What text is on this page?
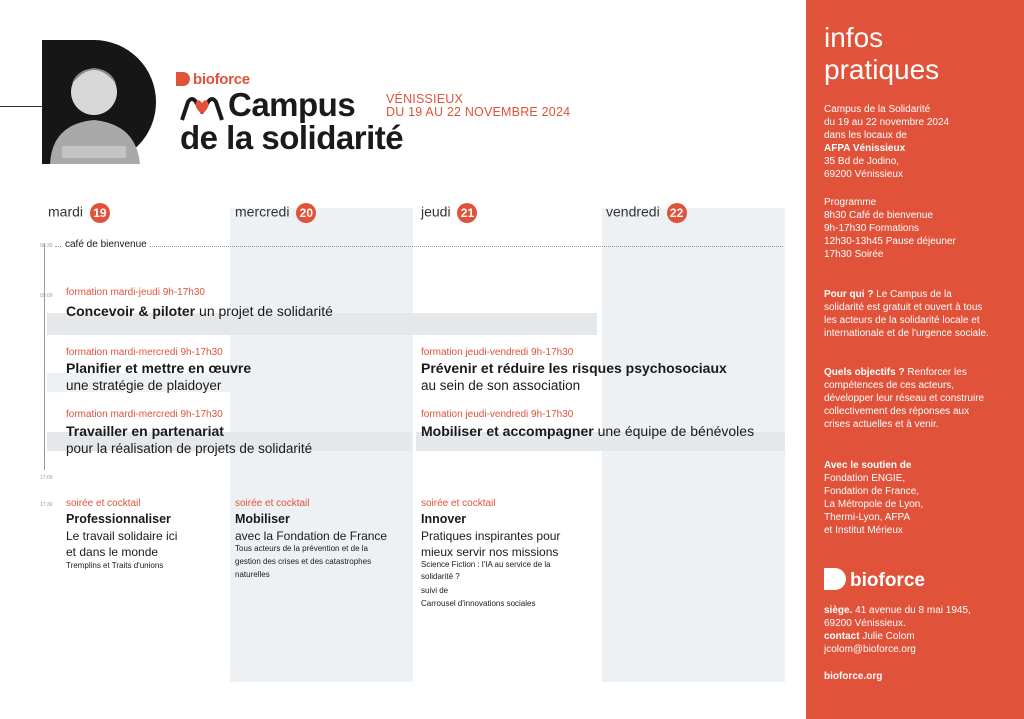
bioforce
Campus
de la solidarité
VÉNISSIEUX
DU 19 AU 22 NOVEMBRE 2024
mardi 19	mercredi 20	jeudi 21	vendredi 22
08:30
09:00
17:00
17:30
café de bienvenue
formation mardi-jeudi 9h-17h30
Concevoir & piloter un projet de solidarité
formation mardi-mercredi 9h-17h30
Planifier et mettre en œuvre
une stratégie de plaidoyer
formation jeudi-vendredi 9h-17h30
Prévenir et réduire les risques psychosociaux
au sein de son association
formation mardi-mercredi 9h-17h30
Travailler en partenariat
pour la réalisation de projets de solidarité
formation jeudi-vendredi 9h-17h30
Mobiliser et accompagner une équipe de bénévoles
soirée et cocktail
Professionnaliser
Le travail solidaire ici
et dans le monde
Tremplins et Traits d'unions
soirée et cocktail
Mobiliser
avec la Fondation de France
Tous acteurs de la prévention et de la
gestion des crises et des catastrophes
naturelles
soirée et cocktail
Innover
Pratiques inspirantes pour
mieux servir nos missions
Science Fiction : l'IA au service de la
solidarité ?
suivi de
Carrousel d'innovations sociales
infos
pratiques
Campus de la Solidarité
du 19 au 22 novembre 2024
dans les locaux de
AFPA Vénissieux
35 Bd de Jodino,
69200 Vénissieux
Programme
8h30 Café de bienvenue
9h-17h30 Formations
12h30-13h45 Pause déjeuner
17h30 Soirée
Pour qui ? Le Campus de la solidarité est gratuit et ouvert à tous les acteurs de la solidarité locale et internationale et de l'urgence sociale.
Quels objectifs ? Renforcer les compétences de ces acteurs, développer leur réseau et construire collectivement des réponses aux crises actuelles et à venir.
Avec le soutien de
Fondation ENGIE,
Fondation de France,
La Métropole de Lyon,
Thermi-Lyon, AFPA
et Institut Mérieux
bioforce
siège. 41 avenue du 8 mai 1945,
69200 Vénissieux.
contact Julie Colom
jcolom@bioforce.org
bioforce.org
